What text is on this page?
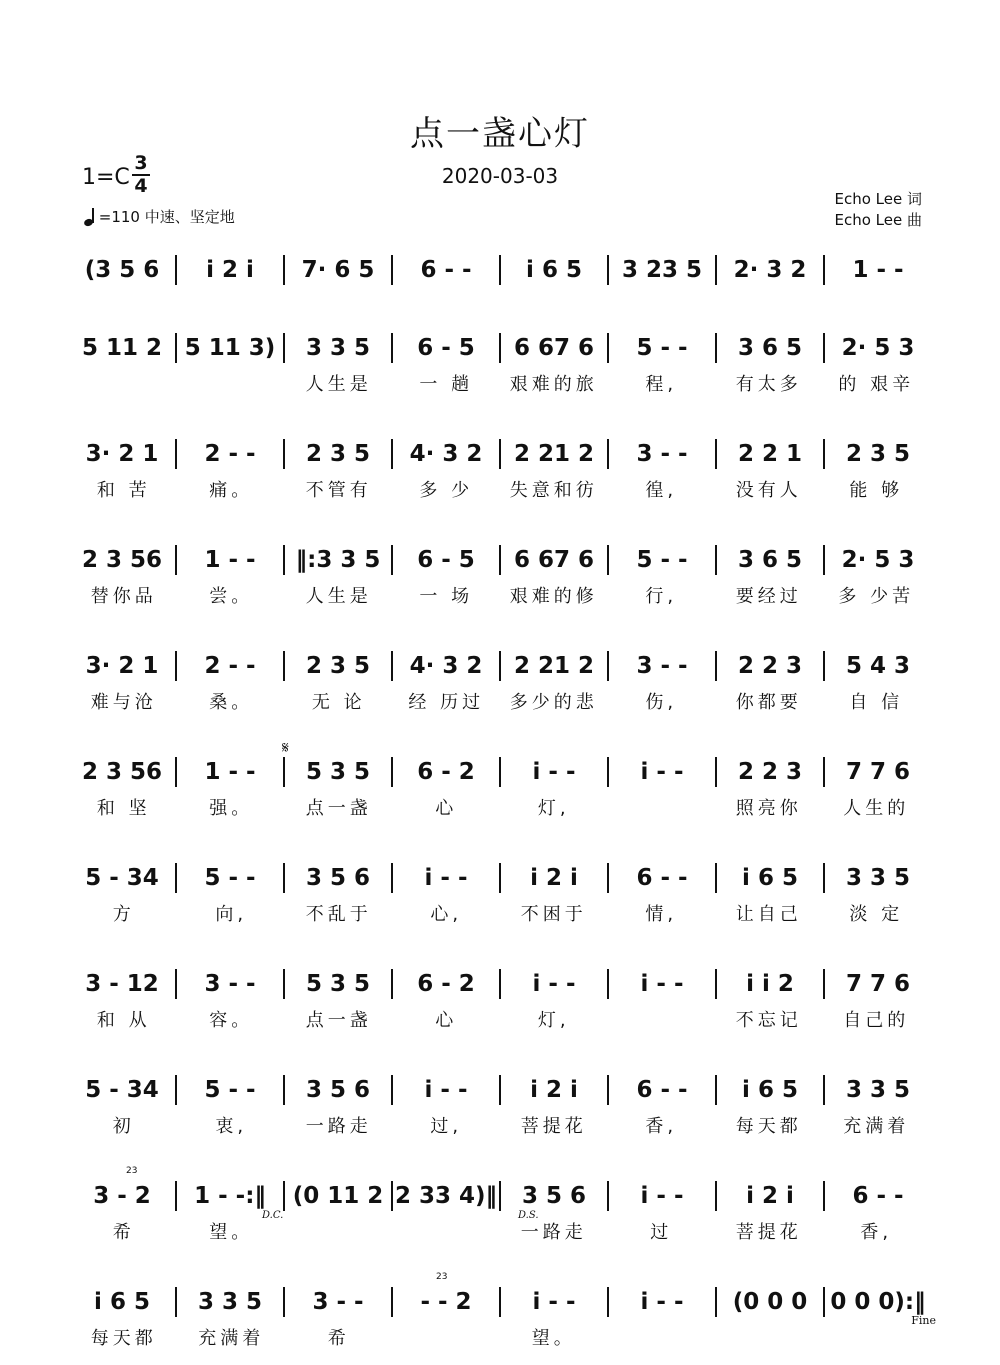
点一盏心灯
2020-03-03
1=C
3
4
=110 中速、坚定地
Echo Lee 词
Echo Lee 曲
(3 5 6	i 2 i	7· 6 5	6 - -	i 6 5	3 23 5	2· 3 2	1 - -
5 11 2 5 11 3)	3 3 5	6 - 5	6 67 6	5 - -	3 6 5	2· 5 3
人生是	一 趟	艰难的旅	程,	有太多	的 艰辛
3· 2 1	2 - -	2 3 5	4· 3 2	2 21 2	3 - -	2 2 1	2 3 5
和 苦	痛。	不管有	多 少	失意和彷	徨,	没有人	能 够
2 3 56	1 - -	‖:3 3 5	6 - 5	6 67 6	5 - -	3 6 5	2· 5 3
替你品	尝。	人生是	一 场	艰难的修	行,	要经过	多 少苦
3· 2 1	2 - -	2 3 5	4· 3 2	2 21 2	3 - -	2 2 3	5 4 3
难与沧	桑。	无 论	经 历过	多少的悲	伤,	你都要	自 信
2 3 56	1 - -	5 3 5	6 - 2	i - -	i - -	2 2 3	7 7 6
和 坚	强。	点一盏	心	灯,	照亮你	人生的
5 - 34	5 - -	3 5 6	i - -	i 2 i	6 - -	i 6 5	3 3 5
方	向,	不乱于	心,	不困于	情,	让自己	淡 定
3 - 12	3 - -	5 3 5	6 - 2	i - -	i - -	i i 2	7 7 6
和 从	容。	点一盏	心	灯,	不忘记	自己的
5 - 34	5 - -	3 5 6	i - -	i 2 i	6 - -	i 6 5	3 3 5
初	衷,	一路走	过,	菩提花	香,	每天都	充满着
3 - 2	1 - -:‖	(0 11 2 2 33 4)‖	3 5 6	i - -	i 2 i	6 - -
希	望。	一路走	过	菩提花	香,
i 6 5	3 3 5	3 - -	- - 2	i - -	i - -	(0 0 0	0 0 0):‖
每天都	充满着	希	望。
Fine
D.C.	D.S.
𝄋
23
23
